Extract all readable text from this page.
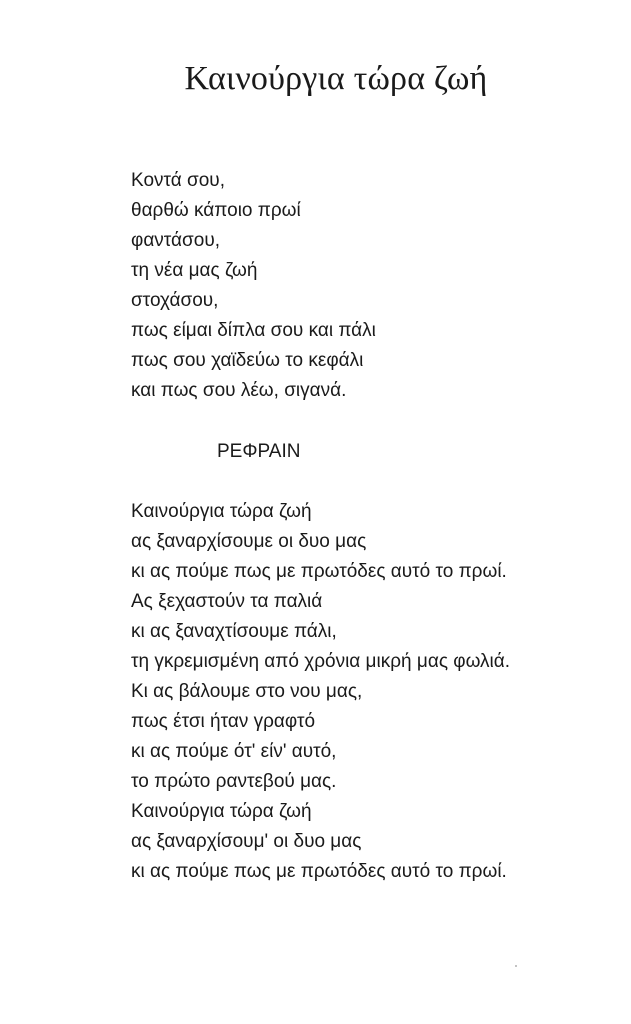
Καινούργια τώρα ζωή
Κοντά σου,
θαρθώ κάποιο πρωί
φαντάσου,
τη νέα μας ζωή
στοχάσου,
πως είμαι δίπλα σου και πάλι
πως σου χαϊδεύω το κεφάλι
και πως σου λέω, σιγανά.

ΡΕΦΡΑΙΝ

Καινούργια τώρα ζωή
ας ξαναρχίσουμε οι δυο μας
κι ας πούμε πως με πρωτόδες αυτό το πρωί.
Ας ξεχαστούν τα παλιά
κι ας ξαναχτίσουμε πάλι,
τη γκρεμισμένη από χρόνια μικρή μας φωλιά.
Κι ας βάλουμε στο νου μας,
πως έτσι ήταν γραφτό
κι ας πούμε ότ' είν' αυτό,
το πρώτο ραντεβού μας.
Καινούργια τώρα ζωή
ας ξαναρχίσουμ' οι δυο μας
κι ας πούμε πως με πρωτόδες αυτό το πρωί.
